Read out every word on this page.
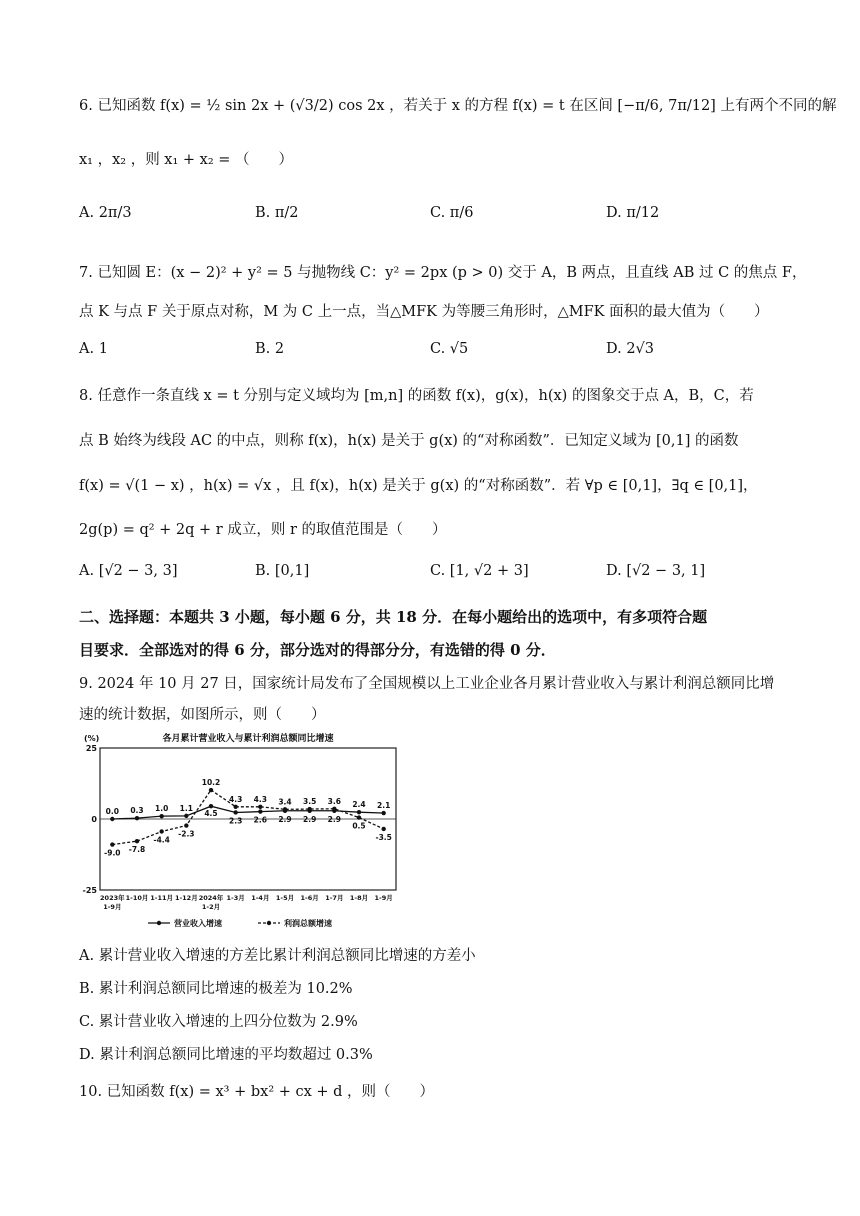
6. 已知函数 f(x) = ½ sin 2x + (√3/2) cos 2x ，若关于 x 的方程 f(x) = t 在区间 [−π/6, 7π/12] 上有两个不同的解
x₁ ，x₂ ，则 x₁ + x₂ = （　　）
A. 2π/3	B. π/2	C. π/6	D. π/12
7. 已知圆 E：(x − 2)² + y² = 5 与抛物线 C：y² = 2px (p > 0) 交于 A，B 两点，且直线 AB 过 C 的焦点 F，
点 K 与点 F 关于原点对称，M 为 C 上一点，当△MFK 为等腰三角形时，△MFK 面积的最大值为（　　）
A. 1	B. 2	C. √5	D. 2√3
8. 任意作一条直线 x = t 分别与定义域均为 [m,n] 的函数 f(x)，g(x)，h(x) 的图象交于点 A，B，C，若
点 B 始终为线段 AC 的中点，则称 f(x)，h(x) 是关于 g(x) 的“对称函数”．已知定义域为 [0,1] 的函数
f(x) = √(1 − x) ，h(x) = √x ，且 f(x)，h(x) 是关于 g(x) 的“对称函数”．若 ∀p ∈ [0,1]，∃q ∈ [0,1]，
2g(p) = q² + 2q + r 成立，则 r 的取值范围是（　　）
A. [√2 − 3, 3]	B. [0,1]	C. [1, √2 + 3]	D. [√2 − 3, 1]
二、选择题：本题共 3 小题，每小题 6 分，共 18 分．在每小题给出的选项中，有多项符合题
目要求．全部选对的得 6 分，部分选对的得部分分，有选错的得 0 分．
9. 2024 年 10 月 27 日，国家统计局发布了全国规模以上工业企业各月累计营业收入与累计利润总额同比增
速的统计数据，如图所示，则（　　）
各月累计营业收入与累计利润总额同比增速
(%)
25
0
-25
2023年
1-9月
1-10月 1-11月 1-12月 2024年
1-2月
1-3月 1-4月 1-5月 1-6月 1-7月 1-8月 1-9月
0.0 0.3 1.0 1.1
4.5
2.3 2.6 2.9 2.9 2.9
2.4 2.1
-9.0 -7.8
-4.4
-2.3
10.2
4.3 4.3 3.4 3.5 3.6
0.5
-3.5
营业收入增速	利润总额增速
A. 累计营业收入增速的方差比累计利润总额同比增速的方差小
B. 累计利润总额同比增速的极差为 10.2%
C. 累计营业收入增速的上四分位数为 2.9%
D. 累计利润总额同比增速的平均数超过 0.3%
10. 已知函数 f(x) = x³ + bx² + cx + d ，则（　　）
